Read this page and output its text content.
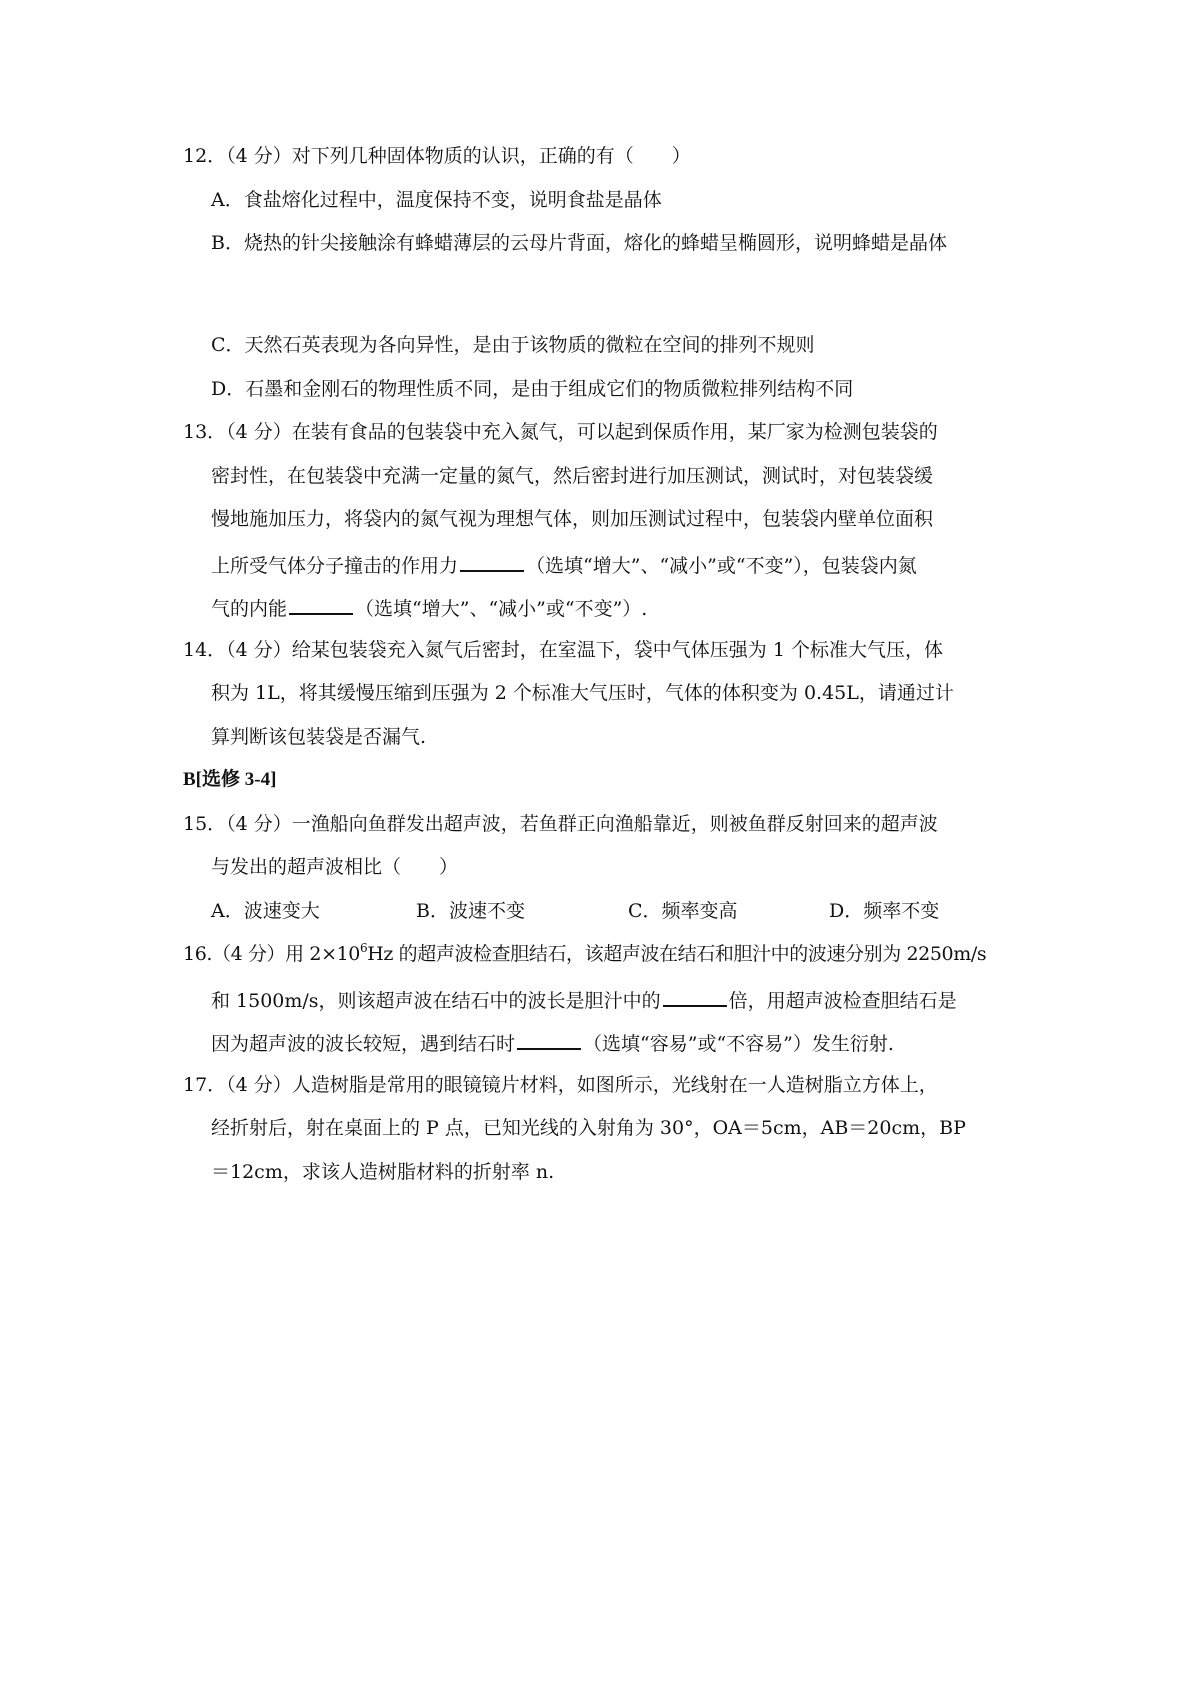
12．（4 分）对下列几种固体物质的认识，正确的有（　　）
A．食盐熔化过程中，温度保持不变，说明食盐是晶体
B．烧热的针尖接触涂有蜂蜡薄层的云母片背面，熔化的蜂蜡呈椭圆形，说明蜂蜡是晶体
C．天然石英表现为各向异性，是由于该物质的微粒在空间的排列不规则
D．石墨和金刚石的物理性质不同，是由于组成它们的物质微粒排列结构不同
13．（4 分）在装有食品的包装袋中充入氮气，可以起到保质作用，某厂家为检测包装袋的
密封性，在包装袋中充满一定量的氮气，然后密封进行加压测试，测试时，对包装袋缓
慢地施加压力，将袋内的氮气视为理想气体，则加压测试过程中，包装袋内壁单位面积
上所受气体分子撞击的作用力	（选填“增大”、“减小”或“不变”），包装袋内氮
气的内能	（选填“增大”、“减小”或“不变”）.
14．（4 分）给某包装袋充入氮气后密封，在室温下，袋中气体压强为 1 个标准大气压，体
积为 1L，将其缓慢压缩到压强为 2 个标准大气压时，气体的体积变为 0.45L，请通过计
算判断该包装袋是否漏气.
B[选修 3-4]
15．（4 分）一渔船向鱼群发出超声波，若鱼群正向渔船靠近，则被鱼群反射回来的超声波
与发出的超声波相比（　　）
A．波速变大	B．波速不变	C．频率变高	D．频率不变
16.（4 分）用 $2\times 10^6Hz$ 的超声波检查胆结石，该超声波在结石和胆汁中的波速分别为 2250m/s
和 1500m/s，则该超声波在结石中的波长是胆汁中的	倍，用超声波检查胆结石是
因为超声波的波长较短，遇到结石时	（选填“容易”或“不容易”）发生衍射.
17．（4 分）人造树脂是常用的眼镜镜片材料，如图所示，光线射在一人造树脂立方体上，
经折射后，射在桌面上的 P 点，已知光线的入射角为 30°，OA＝5cm，AB＝20cm，BP
＝12cm，求该人造树脂材料的折射率 n.
